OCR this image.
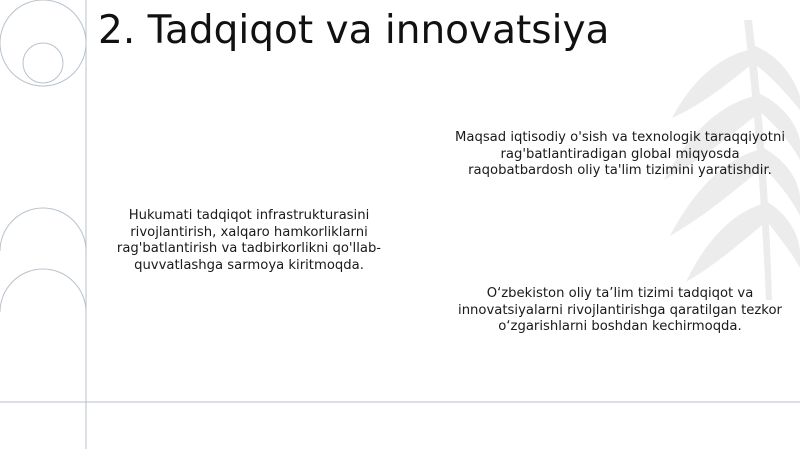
2. Tadqiqot va innovatsiya

Hukumati tadqiqot infrastrukturasini rivojlantirish, xalqaro hamkorliklarni rag'batlantirish va tadbirkorlikni qo'llab-quvvatlashga sarmoya kiritmoqda.

Maqsad iqtisodiy o'sish va texnologik taraqqiyotni rag'batlantiradigan global miqyosda raqobatbardosh oliy ta'lim tizimini yaratishdir.

O‘zbekiston oliy ta’lim tizimi tadqiqot va innovatsiyalarni rivojlantirishga qaratilgan tezkor o‘zgarishlarni boshdan kechirmoqda.
